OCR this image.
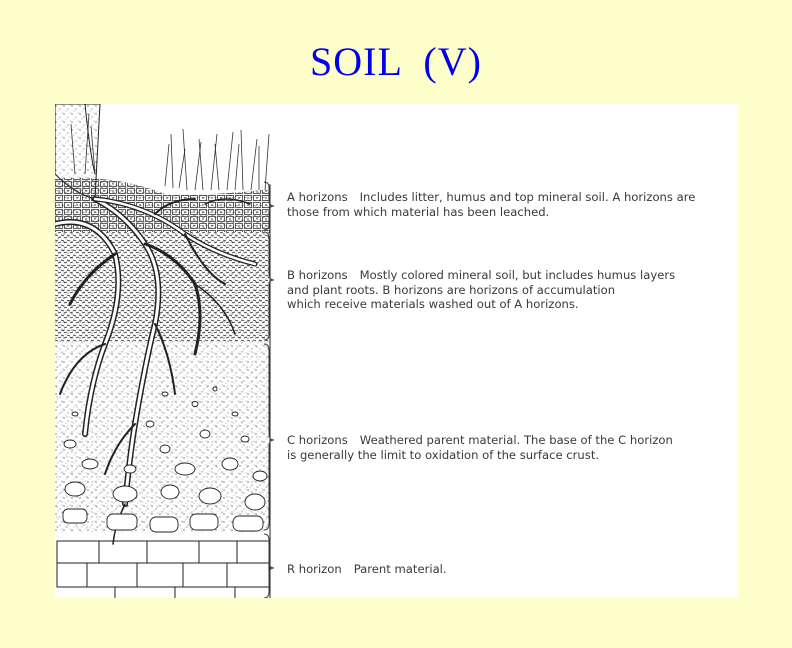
SOIL  (V)
A horizons Includes litter, humus and top mineral soil. A horizons are
those from which material has been leached.
B horizons Mostly colored mineral soil, but includes humus layers
and plant roots. B horizons are horizons of accumulation
which receive materials washed out of A horizons.
C horizons Weathered parent material. The base of the C horizon
is generally the limit to oxidation of the surface crust.
R horizon Parent material.
